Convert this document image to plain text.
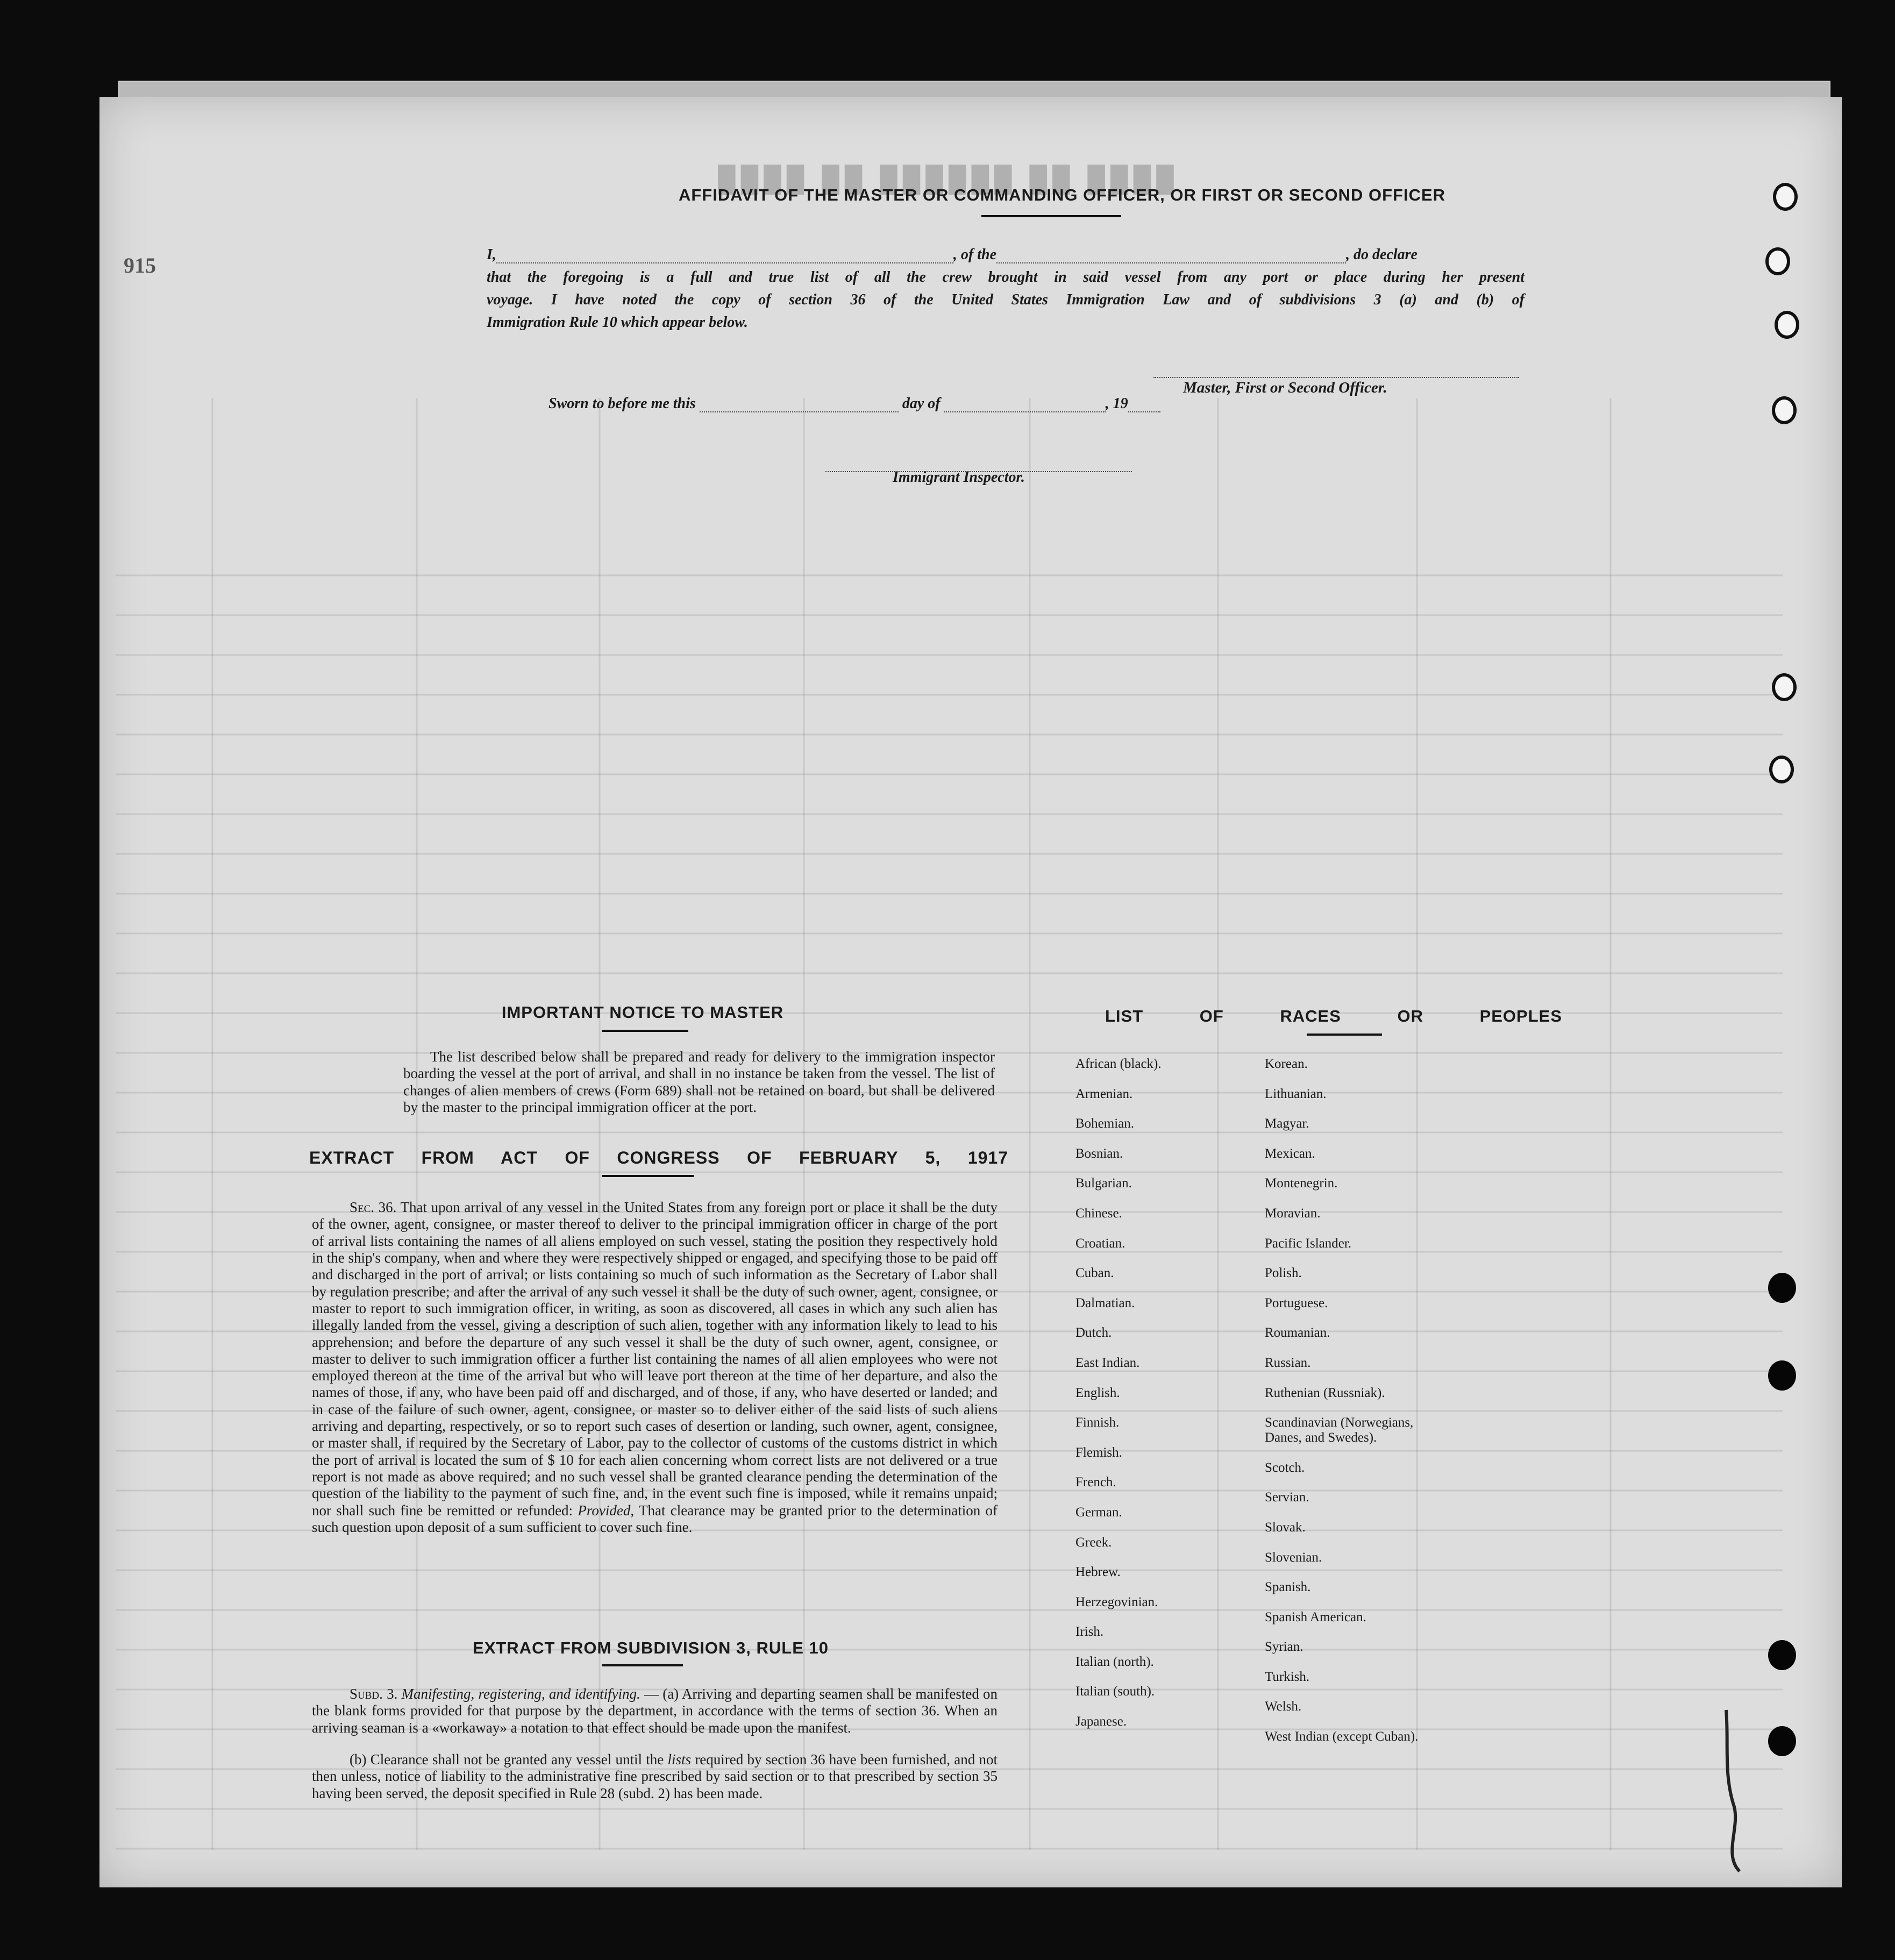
████ ██ ██████ ██ ████
915
AFFIDAVIT OF THE MASTER OR COMMANDING OFFICER, OR FIRST OR SECOND OFFICER
I,	, of the	, do declare
that the foregoing is a full and true list of all the crew brought in said vessel from any port or place during her present
voyage. I have noted the copy of section 36 of the United States Immigration Law and of subdivisions 3 (a) and (b) of
Immigration Rule 10 which appear below.
Master, First or Second Officer.
Sworn to before me this	day of	, 19
Immigrant Inspector.
IMPORTANT NOTICE TO MASTER
The list described below shall be prepared and ready for delivery to the immigration inspector boarding the vessel at the port of arrival, and shall in no instance be taken from the vessel. The list of changes of alien members of crews (Form 689) shall not be retained on board, but shall be delivered by the master to the principal immigration officer at the port.
EXTRACT FROM ACT OF CONGRESS OF FEBRUARY 5, 1917
Sec. 36. That upon arrival of any vessel in the United States from any foreign port or place it shall be the duty of the owner, agent, consignee, or master thereof to deliver to the principal immigration officer in charge of the port of arrival lists containing the names of all aliens employed on such vessel, stating the position they respectively hold in the ship's company, when and where they were respectively shipped or engaged, and specifying those to be paid off and discharged in the port of arrival; or lists containing so much of such information as the Secretary of Labor shall by regulation prescribe; and after the arrival of any such vessel it shall be the duty of such owner, agent, consignee, or master to report to such immigration officer, in writing, as soon as discovered, all cases in which any such alien has illegally landed from the vessel, giving a description of such alien, together with any information likely to lead to his apprehension; and before the departure of any such vessel it shall be the duty of such owner, agent, consignee, or master to deliver to such immigration officer a further list containing the names of all alien employees who were not employed thereon at the time of the arrival but who will leave port thereon at the time of her departure, and also the names of those, if any, who have been paid off and discharged, and of those, if any, who have deserted or landed; and in case of the failure of such owner, agent, consignee, or master so to deliver either of the said lists of such aliens arriving and departing, respectively, or so to report such cases of desertion or landing, such owner, agent, consignee, or master shall, if required by the Secretary of Labor, pay to the collector of customs of the customs district in which the port of arrival is located the sum of $ 10 for each alien concerning whom correct lists are not delivered or a true report is not made as above required; and no such vessel shall be granted clearance pending the determination of the question of the liability to the payment of such fine, and, in the event such fine is imposed, while it remains unpaid; nor shall such fine be remitted or refunded: Provided, That clearance may be granted prior to the determination of such question upon deposit of a sum sufficient to cover such fine.
EXTRACT FROM SUBDIVISION 3, RULE 10
Subd. 3. Manifesting, registering, and identifying. — (a) Arriving and departing seamen shall be manifested on the blank forms provided for that purpose by the department, in accordance with the terms of section 36. When an arriving seaman is a «workaway» a notation to that effect should be made upon the manifest.
(b) Clearance shall not be granted any vessel until the lists required by section 36 have been furnished, and not then unless, notice of liability to the administrative fine prescribed by said section or to that prescribed by section 35 having been served, the deposit specified in Rule 28 (subd. 2) has been made.
LIST OF RACES OR PEOPLES
African (black).
Armenian.
Bohemian.
Bosnian.
Bulgarian.
Chinese.
Croatian.
Cuban.
Dalmatian.
Dutch.
East Indian.
English.
Finnish.
Flemish.
French.
German.
Greek.
Hebrew.
Herzegovinian.
Irish.
Italian (north).
Italian (south).
Japanese.
Korean.
Lithuanian.
Magyar.
Mexican.
Montenegrin.
Moravian.
Pacific Islander.
Polish.
Portuguese.
Roumanian.
Russian.
Ruthenian (Russniak).
Scandinavian (Norwegians,
Danes, and Swedes).
Scotch.
Servian.
Slovak.
Slovenian.
Spanish.
Spanish American.
Syrian.
Turkish.
Welsh.
West Indian (except Cuban).
